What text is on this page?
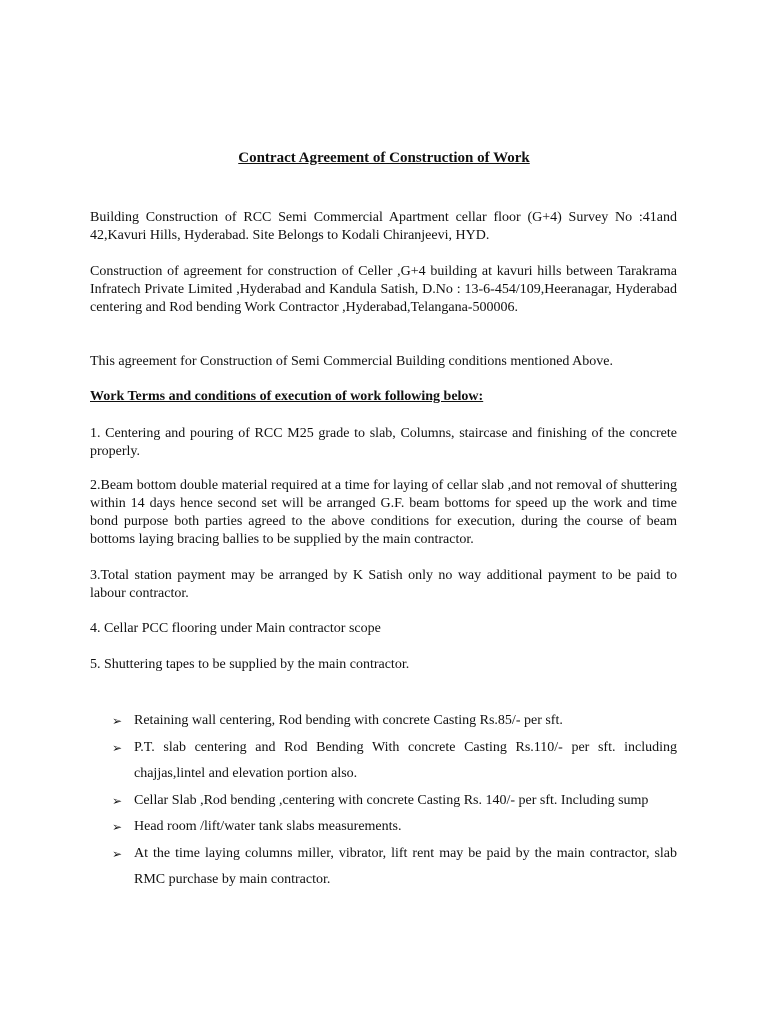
Contract Agreement of Construction of Work

Building Construction of RCC Semi Commercial Apartment cellar floor (G+4) Survey No :41and 42,Kavuri Hills, Hyderabad. Site Belongs to Kodali Chiranjeevi, HYD.

Construction of agreement for construction of Celler ,G+4 building at kavuri hills between Tarakrama Infratech Private Limited ,Hyderabad and Kandula Satish, D.No : 13-6-454/109,Heeranagar, Hyderabad centering and Rod bending Work Contractor ,Hyderabad,Telangana-500006.

This agreement for Construction of Semi Commercial Building conditions mentioned Above.

Work Terms and conditions of execution of work following below:

1. Centering and pouring of RCC M25 grade to slab, Columns, staircase and finishing of the concrete properly.

2.Beam bottom double material required at a time for laying of cellar slab ,and not removal of shuttering within 14 days hence second set will be arranged G.F. beam bottoms for speed up the work and time bond purpose both parties agreed to the above conditions for execution, during the course of beam bottoms laying bracing ballies to be supplied by the main contractor.

3.Total station payment may be arranged by K Satish only no way additional payment to be paid to labour contractor.

4. Cellar PCC flooring under Main contractor scope

5. Shuttering tapes to be supplied by the main contractor.

➢ Retaining wall centering, Rod bending with concrete Casting Rs.85/- per sft.
➢ P.T. slab centering and Rod Bending With concrete Casting Rs.110/- per sft. including chajjas,lintel and elevation portion also.
➢ Cellar Slab ,Rod bending ,centering with concrete Casting Rs. 140/- per sft. Including sump
➢ Head room /lift/water tank slabs measurements.
➢ At the time laying columns miller, vibrator, lift rent may be paid by the main contractor, slab RMC purchase by main contractor.
